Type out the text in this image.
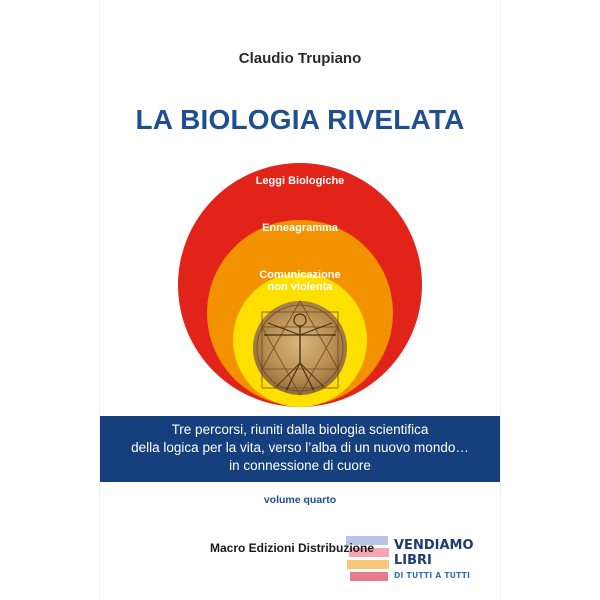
Claudio Trupiano
LA BIOLOGIA RIVELATA
Leggi Biologiche
Enneagramma
Comunicazione
non violenta
Tre percorsi, riuniti dalla biologia scientifica
della logica per la vita, verso l’alba di un nuovo mondo…
in connessione di cuore
volume quarto
Macro Edizioni Distribuzione VENDIAMO
LIBRI
DI TUTTI A TUTTI
